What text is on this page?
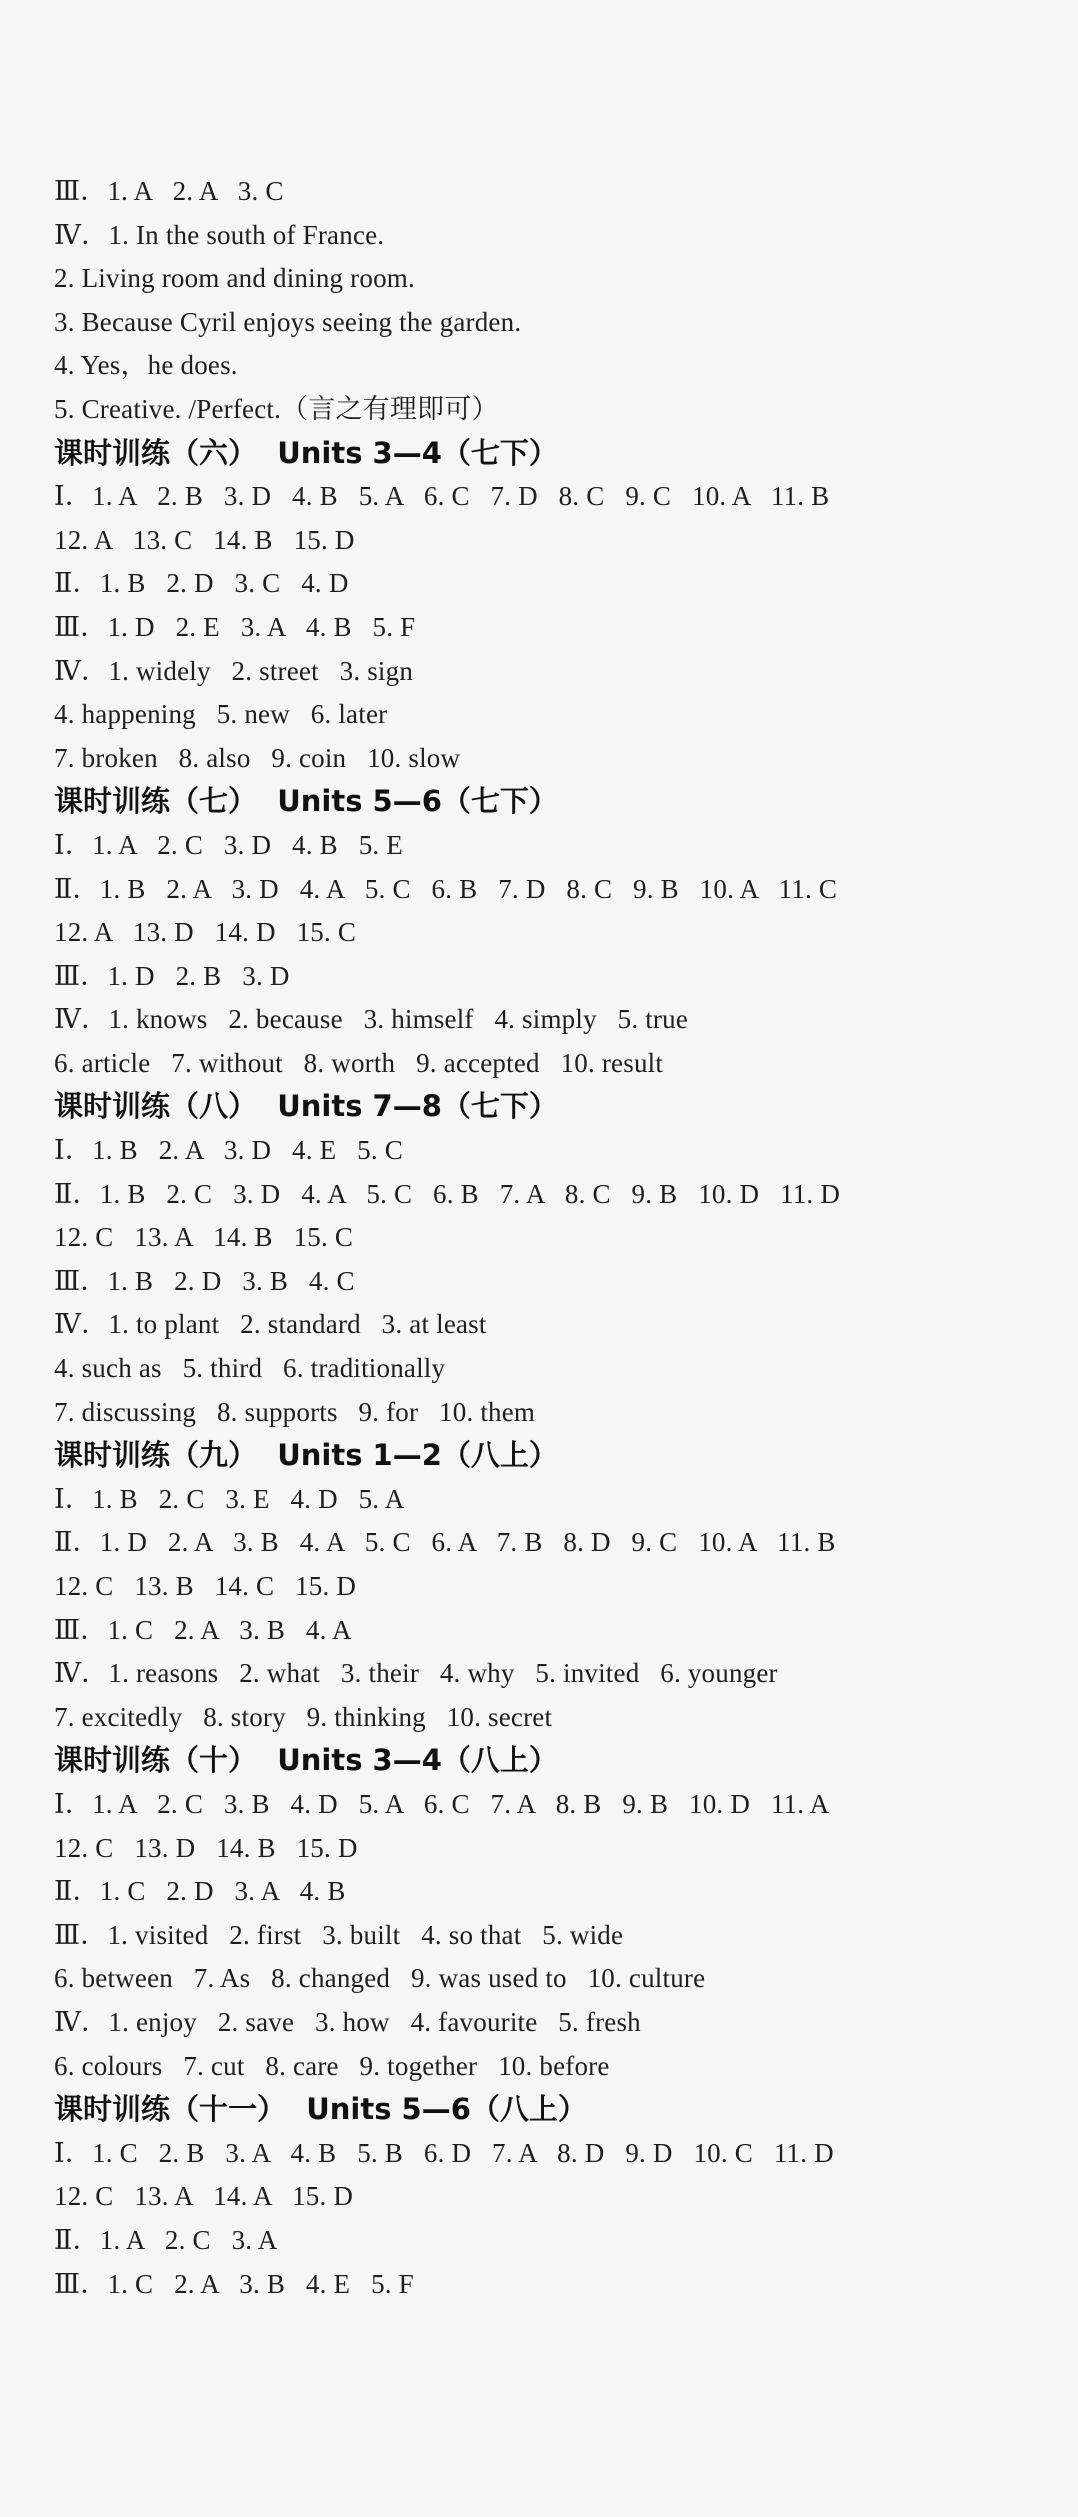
Ⅲ．1. A   2. A   3. C
Ⅳ．1. In the south of France.
2. Living room and dining room.
3. Because Cyril enjoys seeing the garden.
4. Yes，he does.
5. Creative. /Perfect.（言之有理即可）
课时训练（六）  Units 3—4（七下）
Ⅰ．1. A   2. B   3. D   4. B   5. A   6. C   7. D   8. C   9. C   10. A   11. B
12. A   13. C   14. B   15. D
Ⅱ．1. B   2. D   3. C   4. D
Ⅲ．1. D   2. E   3. A   4. B   5. F
Ⅳ．1. widely   2. street   3. sign
4. happening   5. new   6. later
7. broken   8. also   9. coin   10. slow
课时训练（七）  Units 5—6（七下）
Ⅰ．1. A   2. C   3. D   4. B   5. E
Ⅱ．1. B   2. A   3. D   4. A   5. C   6. B   7. D   8. C   9. B   10. A   11. C
12. A   13. D   14. D   15. C
Ⅲ．1. D   2. B   3. D
Ⅳ．1. knows   2. because   3. himself   4. simply   5. true
6. article   7. without   8. worth   9. accepted   10. result
课时训练（八）  Units 7—8（七下）
Ⅰ．1. B   2. A   3. D   4. E   5. C
Ⅱ．1. B   2. C   3. D   4. A   5. C   6. B   7. A   8. C   9. B   10. D   11. D
12. C   13. A   14. B   15. C
Ⅲ．1. B   2. D   3. B   4. C
Ⅳ．1. to plant   2. standard   3. at least
4. such as   5. third   6. traditionally
7. discussing   8. supports   9. for   10. them
课时训练（九）  Units 1—2（八上）
Ⅰ．1. B   2. C   3. E   4. D   5. A
Ⅱ．1. D   2. A   3. B   4. A   5. C   6. A   7. B   8. D   9. C   10. A   11. B
12. C   13. B   14. C   15. D
Ⅲ．1. C   2. A   3. B   4. A
Ⅳ．1. reasons   2. what   3. their   4. why   5. invited   6. younger
7. excitedly   8. story   9. thinking   10. secret
课时训练（十）  Units 3—4（八上）
Ⅰ．1. A   2. C   3. B   4. D   5. A   6. C   7. A   8. B   9. B   10. D   11. A
12. C   13. D   14. B   15. D
Ⅱ．1. C   2. D   3. A   4. B
Ⅲ．1. visited   2. first   3. built   4. so that   5. wide
6. between   7. As   8. changed   9. was used to   10. culture
Ⅳ．1. enjoy   2. save   3. how   4. favourite   5. fresh
6. colours   7. cut   8. care   9. together   10. before
课时训练（十一）  Units 5—6（八上）
Ⅰ．1. C   2. B   3. A   4. B   5. B   6. D   7. A   8. D   9. D   10. C   11. D
12. C   13. A   14. A   15. D
Ⅱ．1. A   2. C   3. A
Ⅲ．1. C   2. A   3. B   4. E   5. F
